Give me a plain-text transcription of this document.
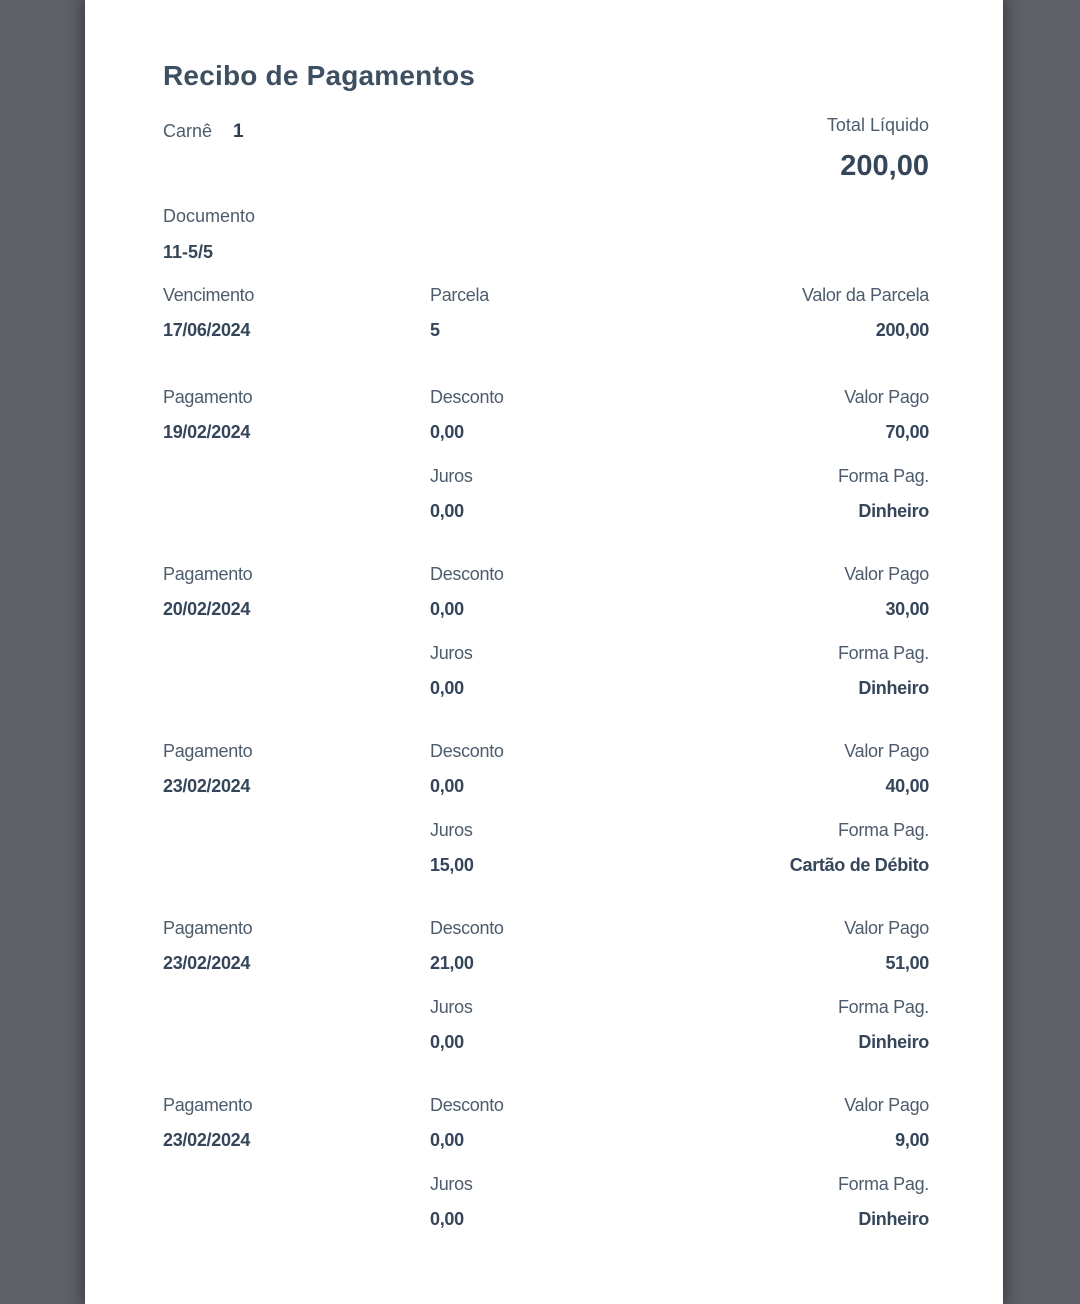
Recibo de Pagamentos
Carnê 1	Total Líquido
200,00
Documento
11-5/5
Vencimento	Parcela	Valor da Parcela
17/06/2024	5	200,00
Pagamento	Desconto	Valor Pago
19/02/2024	0,00	70,00
Juros	Forma Pag.
0,00	Dinheiro
Pagamento	Desconto	Valor Pago
20/02/2024	0,00	30,00
Juros	Forma Pag.
0,00	Dinheiro
Pagamento	Desconto	Valor Pago
23/02/2024	0,00	40,00
Juros	Forma Pag.
15,00	Cartão de Débito
Pagamento	Desconto	Valor Pago
23/02/2024	21,00	51,00
Juros	Forma Pag.
0,00	Dinheiro
Pagamento	Desconto	Valor Pago
23/02/2024	0,00	9,00
Juros	Forma Pag.
0,00	Dinheiro
